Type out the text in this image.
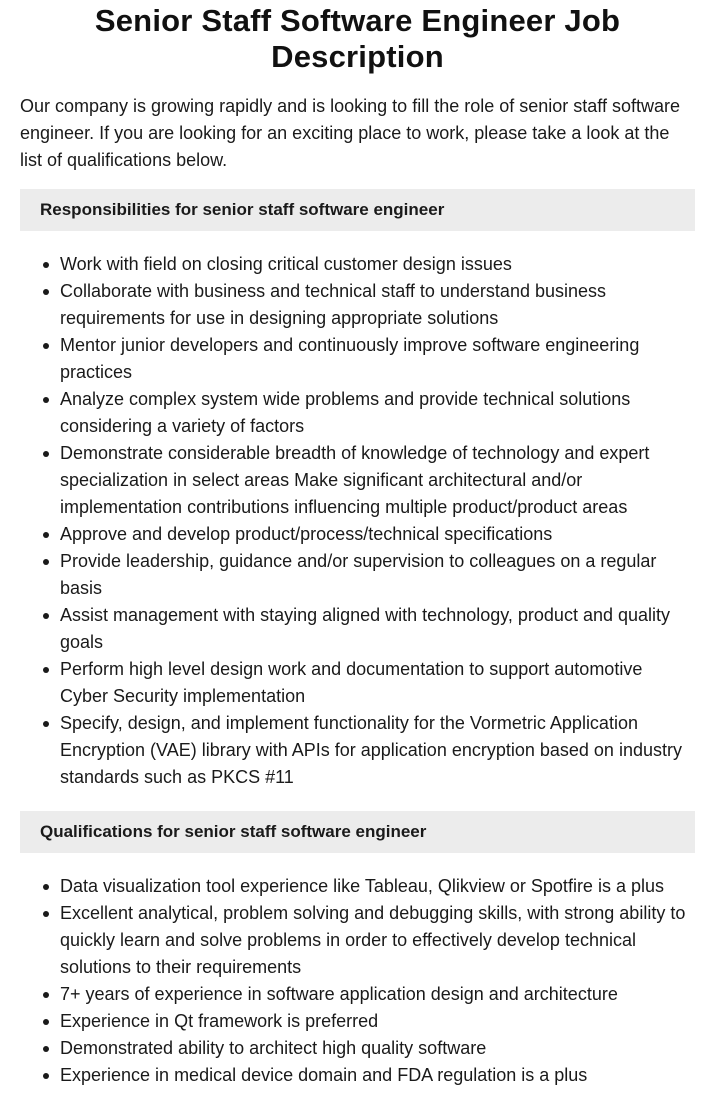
Senior Staff Software Engineer Job Description

Our company is growing rapidly and is looking to fill the role of senior staff software engineer. If you are looking for an exciting place to work, please take a look at the list of qualifications below.

Responsibilities for senior staff software engineer
Work with field on closing critical customer design issues
Collaborate with business and technical staff to understand business requirements for use in designing appropriate solutions
Mentor junior developers and continuously improve software engineering practices
Analyze complex system wide problems and provide technical solutions considering a variety of factors
Demonstrate considerable breadth of knowledge of technology and expert specialization in select areas Make significant architectural and/or implementation contributions influencing multiple product/product areas
Approve and develop product/process/technical specifications
Provide leadership, guidance and/or supervision to colleagues on a regular basis
Assist management with staying aligned with technology, product and quality goals
Perform high level design work and documentation to support automotive Cyber Security implementation
Specify, design, and implement functionality for the Vormetric Application Encryption (VAE) library with APIs for application encryption based on industry standards such as PKCS #11
Qualifications for senior staff software engineer
Data visualization tool experience like Tableau, Qlikview or Spotfire is a plus
Excellent analytical, problem solving and debugging skills, with strong ability to quickly learn and solve problems in order to effectively develop technical solutions to their requirements
7+ years of experience in software application design and architecture
Experience in Qt framework is preferred
Demonstrated ability to architect high quality software
Experience in medical device domain and FDA regulation is a plus
